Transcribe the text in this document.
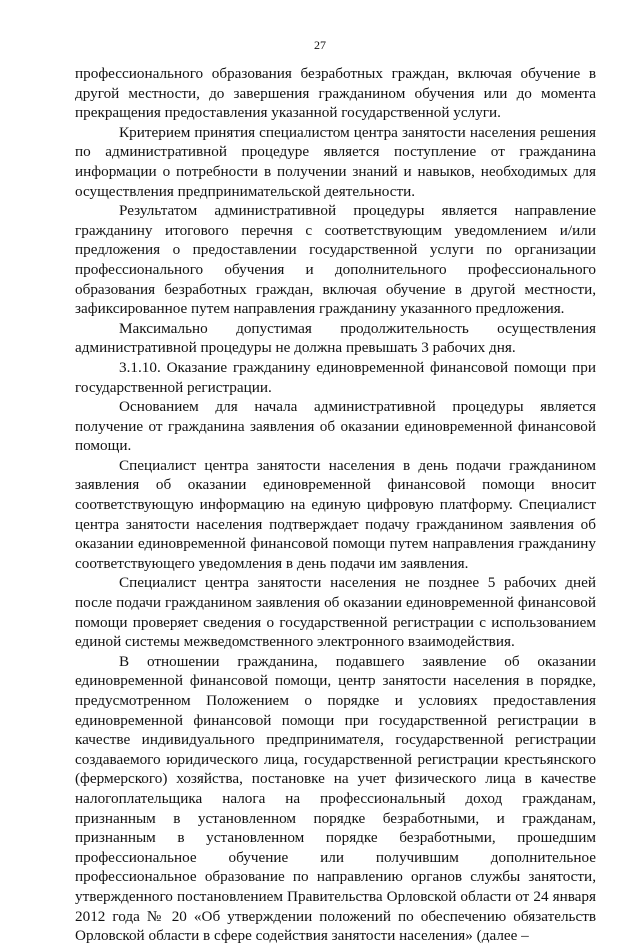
27

профессионального образования безработных граждан, включая обучение в другой местности, до завершения гражданином обучения или до момента прекращения предоставления указанной государственной услуги.

Критерием принятия специалистом центра занятости населения решения по административной процедуре является поступление от гражданина информации о потребности в получении знаний и навыков, необходимых для осуществления предпринимательской деятельности.

Результатом административной процедуры является направление гражданину итогового перечня с соответствующим уведомлением и/или предложения о предоставлении государственной услуги по организации профессионального обучения и дополнительного профессионального образования безработных граждан, включая обучение в другой местности, зафиксированное путем направления гражданину указанного предложения.

Максимально допустимая продолжительность осуществления административной процедуры не должна превышать 3 рабочих дня.

3.1.10. Оказание гражданину единовременной финансовой помощи при государственной регистрации.

Основанием для начала административной процедуры является получение от гражданина заявления об оказании единовременной финансовой помощи.

Специалист центра занятости населения в день подачи гражданином заявления об оказании единовременной финансовой помощи вносит соответствующую информацию на единую цифровую платформу. Специалист центра занятости населения подтверждает подачу гражданином заявления об оказании единовременной финансовой помощи путем направления гражданину соответствующего уведомления в день подачи им заявления.

Специалист центра занятости населения не позднее 5 рабочих дней после подачи гражданином заявления об оказании единовременной финансовой помощи проверяет сведения о государственной регистрации с использованием единой системы межведомственного электронного взаимодействия.

В отношении гражданина, подавшего заявление об оказании единовременной финансовой помощи, центр занятости населения в порядке, предусмотренном Положением о порядке и условиях предоставления единовременной финансовой помощи при государственной регистрации в качестве индивидуального предпринимателя, государственной регистрации создаваемого юридического лица, государственной регистрации крестьянского (фермерского) хозяйства, постановке на учет физического лица в качестве налогоплательщика налога на профессиональный доход гражданам, признанным в установленном порядке безработными, и гражданам, признанным в установленном порядке безработными, прошедшим профессиональное обучение или получившим дополнительное профессиональное образование по направлению органов службы занятости, утвержденного постановлением Правительства Орловской области от 24 января 2012 года № 20 «Об утверждении положений по обеспечению обязательств Орловской области в сфере содействия занятости населения» (далее –
